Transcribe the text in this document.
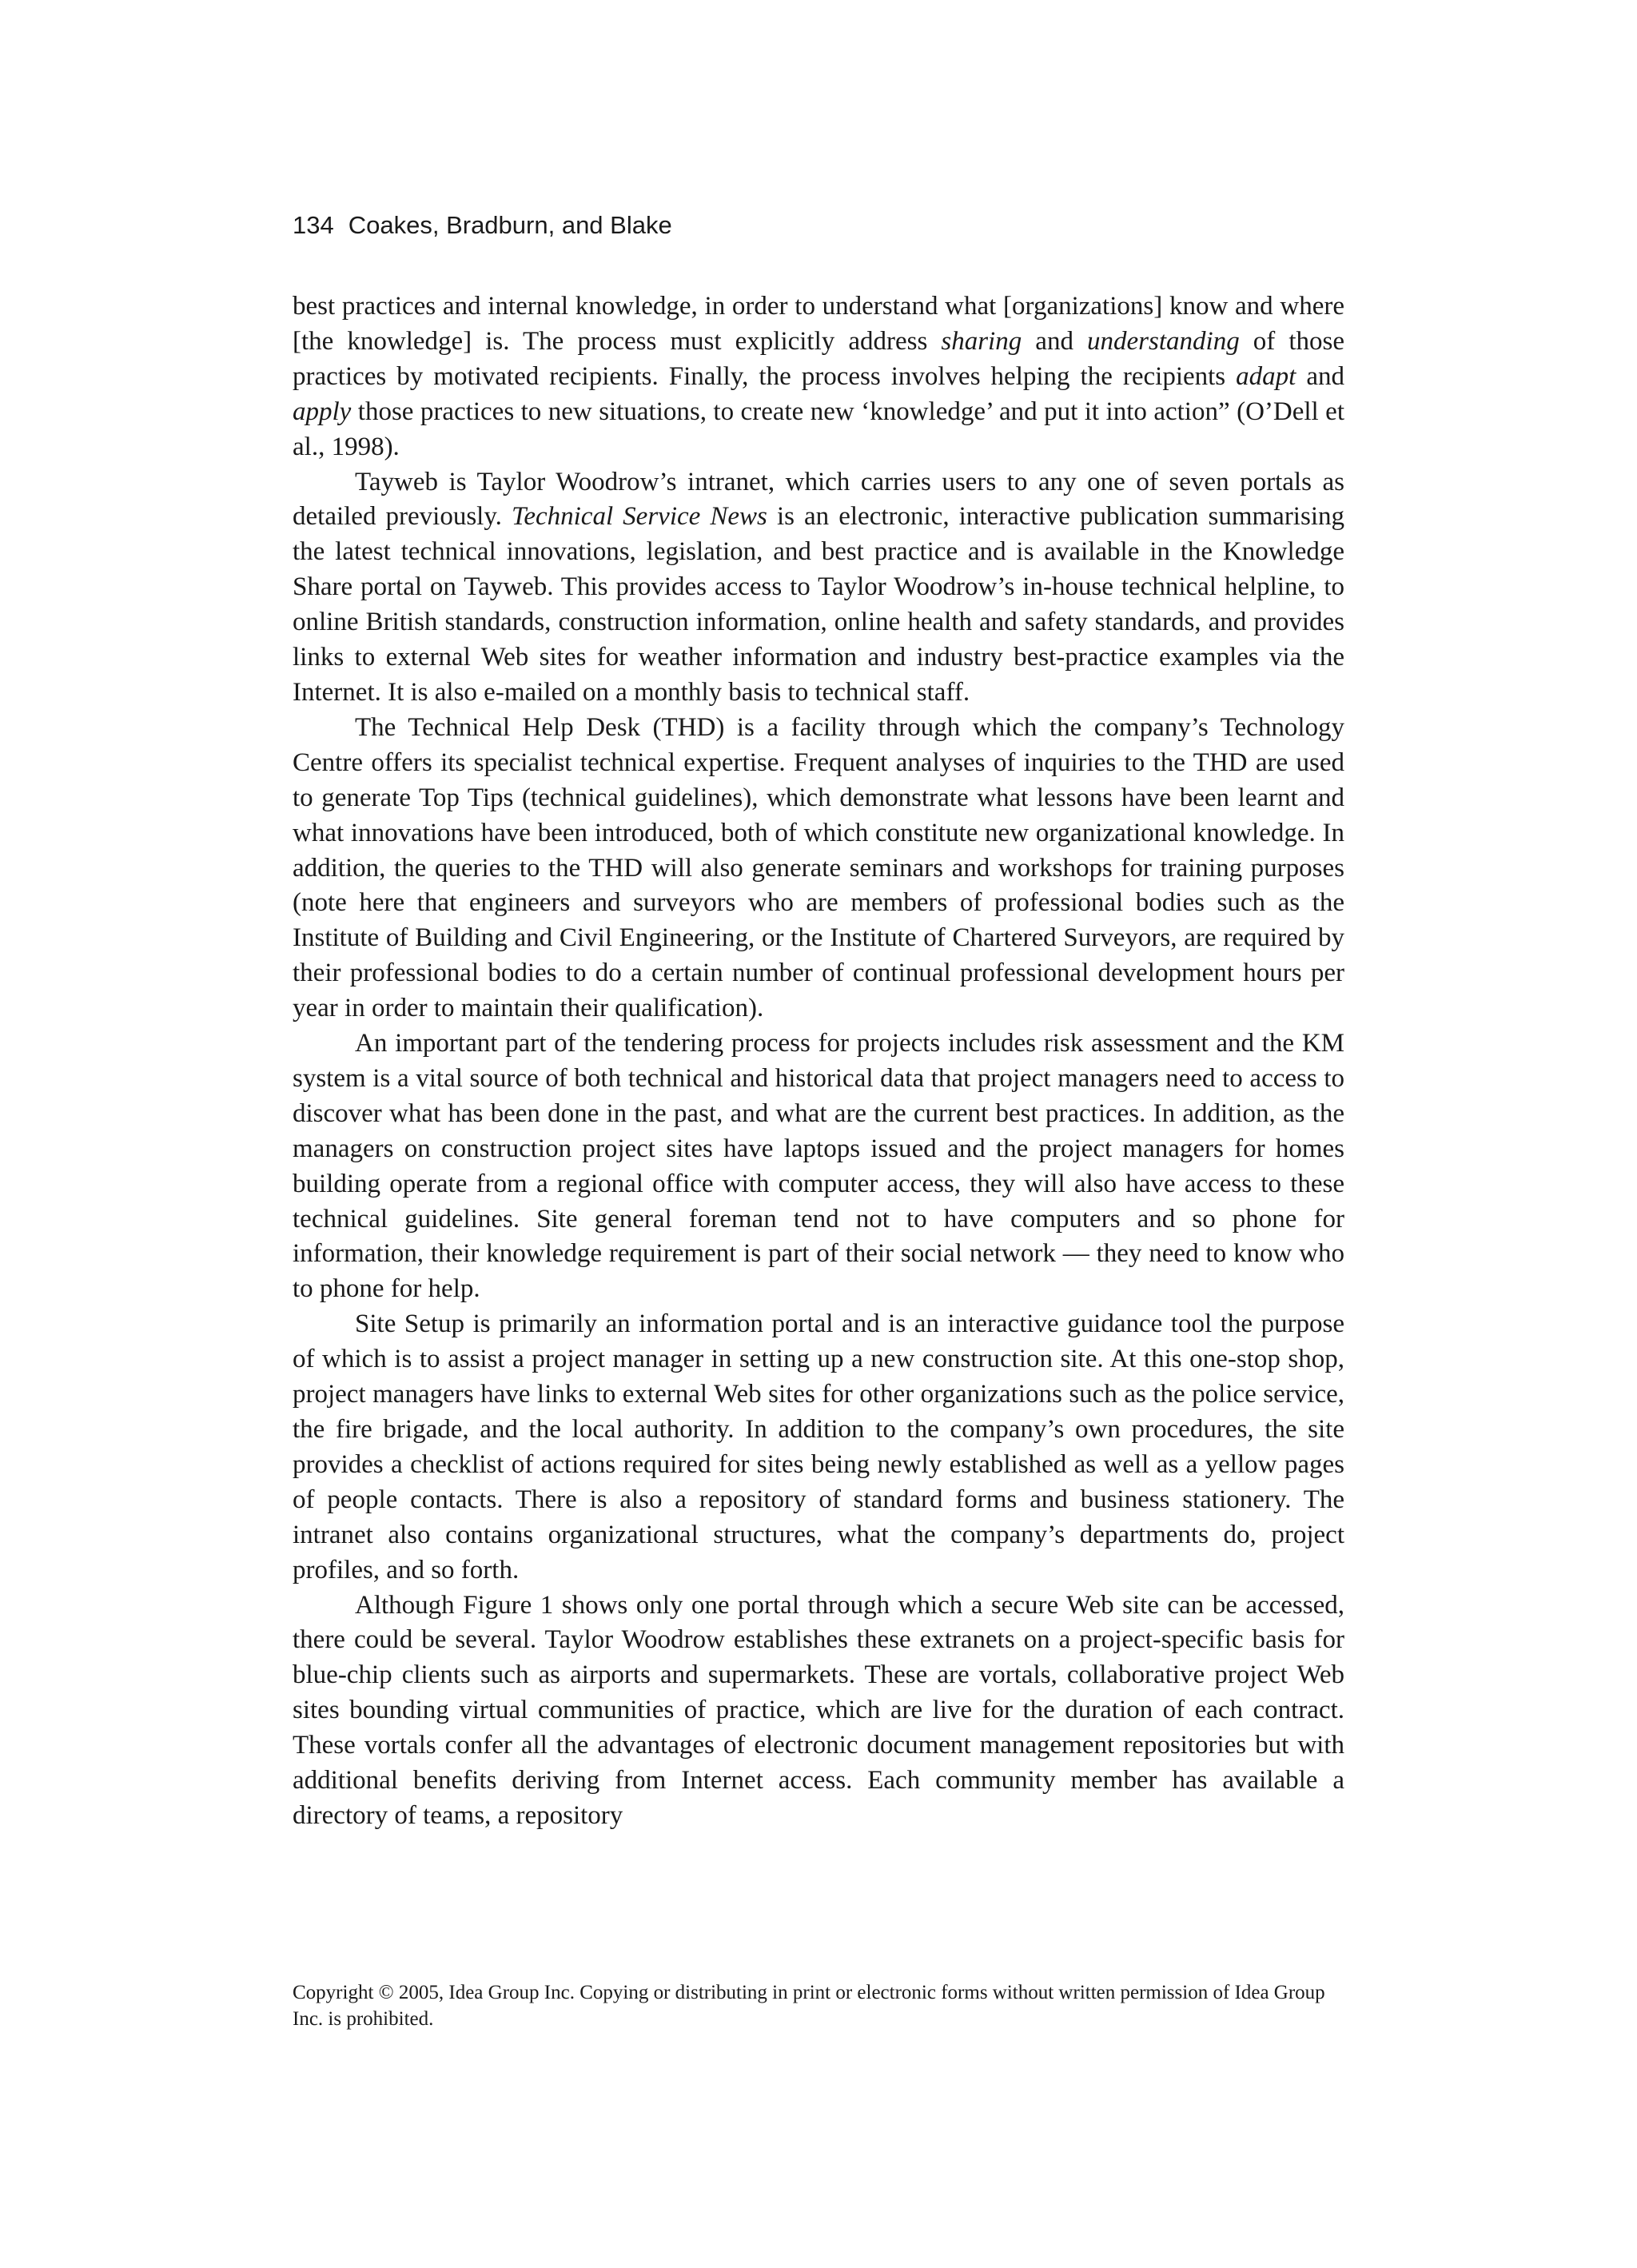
134 Coakes, Bradburn, and Blake

best practices and internal knowledge, in order to understand what [organizations] know and where [the knowledge] is. The process must explicitly address sharing and understanding of those practices by motivated recipients. Finally, the process involves helping the recipients adapt and apply those practices to new situations, to create new ‘knowledge’ and put it into action” (O’Dell et al., 1998).

Tayweb is Taylor Woodrow’s intranet, which carries users to any one of seven portals as detailed previously. Technical Service News is an electronic, interactive publication summarising the latest technical innovations, legislation, and best practice and is available in the Knowledge Share portal on Tayweb. This provides access to Taylor Woodrow’s in-house technical helpline, to online British standards, construction information, online health and safety standards, and provides links to external Web sites for weather information and industry best-practice examples via the Internet. It is also e-mailed on a monthly basis to technical staff.

The Technical Help Desk (THD) is a facility through which the company’s Technology Centre offers its specialist technical expertise. Frequent analyses of inquiries to the THD are used to generate Top Tips (technical guidelines), which demonstrate what lessons have been learnt and what innovations have been introduced, both of which constitute new organizational knowledge. In addition, the queries to the THD will also generate seminars and workshops for training purposes (note here that engineers and surveyors who are members of professional bodies such as the Institute of Building and Civil Engineering, or the Institute of Chartered Surveyors, are required by their professional bodies to do a certain number of continual professional development hours per year in order to maintain their qualification).

An important part of the tendering process for projects includes risk assessment and the KM system is a vital source of both technical and historical data that project managers need to access to discover what has been done in the past, and what are the current best practices. In addition, as the managers on construction project sites have laptops issued and the project managers for homes building operate from a regional office with computer access, they will also have access to these technical guidelines. Site general foreman tend not to have computers and so phone for information, their knowledge requirement is part of their social network — they need to know who to phone for help.

Site Setup is primarily an information portal and is an interactive guidance tool the purpose of which is to assist a project manager in setting up a new construction site. At this one-stop shop, project managers have links to external Web sites for other organizations such as the police service, the fire brigade, and the local authority. In addition to the company’s own procedures, the site provides a checklist of actions required for sites being newly established as well as a yellow pages of people contacts. There is also a repository of standard forms and business stationery. The intranet also contains organizational structures, what the company’s departments do, project profiles, and so forth.

Although Figure 1 shows only one portal through which a secure Web site can be accessed, there could be several. Taylor Woodrow establishes these extranets on a project-specific basis for blue-chip clients such as airports and supermarkets. These are vortals, collaborative project Web sites bounding virtual communities of practice, which are live for the duration of each contract. These vortals confer all the advantages of electronic document management repositories but with additional benefits deriving from Internet access. Each community member has available a directory of teams, a repository

Copyright © 2005, Idea Group Inc. Copying or distributing in print or electronic forms without written permission of Idea Group Inc. is prohibited.
